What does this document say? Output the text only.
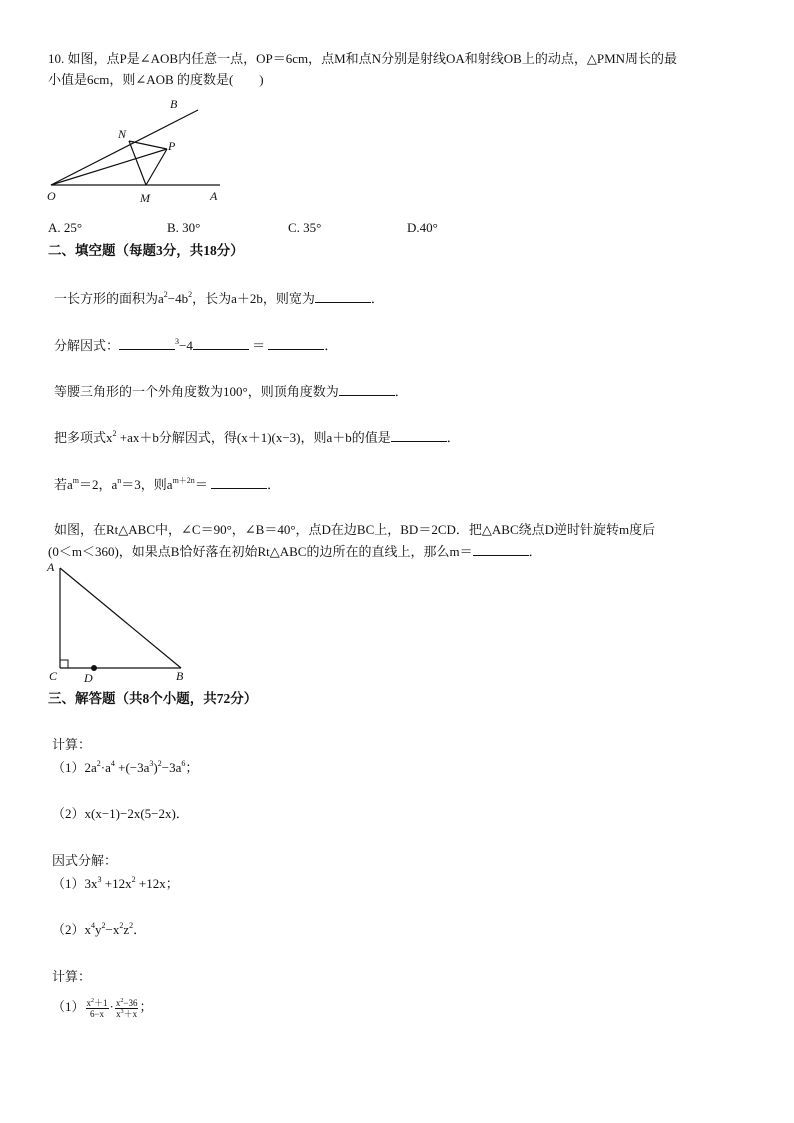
10. 如图，点P是∠AOB内任意一点，OP＝6cm，点M和点N分别是射线OA和射线OB上的动点，△PMN周长的最
小值是6cm，则∠AOB 的度数是(　　)
B
N
P
O	M	A
A. 25°	B. 30°	C. 35°	D.40°
二、填空题（每题3分，共18分）
一长方形的面积为$a^2-4b^2$，长为a＋2b，则宽为	．
分解因式：	$^3$−4	＝	．
等腰三角形的一个外角度数为100°，则顶角度数为	．
把多项式$x^2 +ax+b$分解因式，得(x＋1)(x−3)，则a＋b的值是	．
若$a^m=2$，$a^n=3$，则$a^{m+2n}=$	．
如图，在Rt△ABC中，∠C＝90°，∠B＝40°，点D在边BC上，BD＝2CD．把△ABC绕点D逆时针旋转m度后
(0＜m＜360)，如果点B恰好落在初始Rt△ABC的边所在的直线上，那么m＝	．
A
C D	B
三、解答题（共8个小题，共72分）
计算：
$(1)2a^2\cdot a^4 +(-3a^3)^2-3a^6$；
（2）x(x−1)−2x(5−2x)．
因式分解：
$(1)3x^3 +12x^2 +12x$；
$(2)x^4y^2-x^2z^2$．
计算：
$(1) \frac{x^2+1}{6-x} \cdot \frac{x^2-36}{x^3+x}$ ；
